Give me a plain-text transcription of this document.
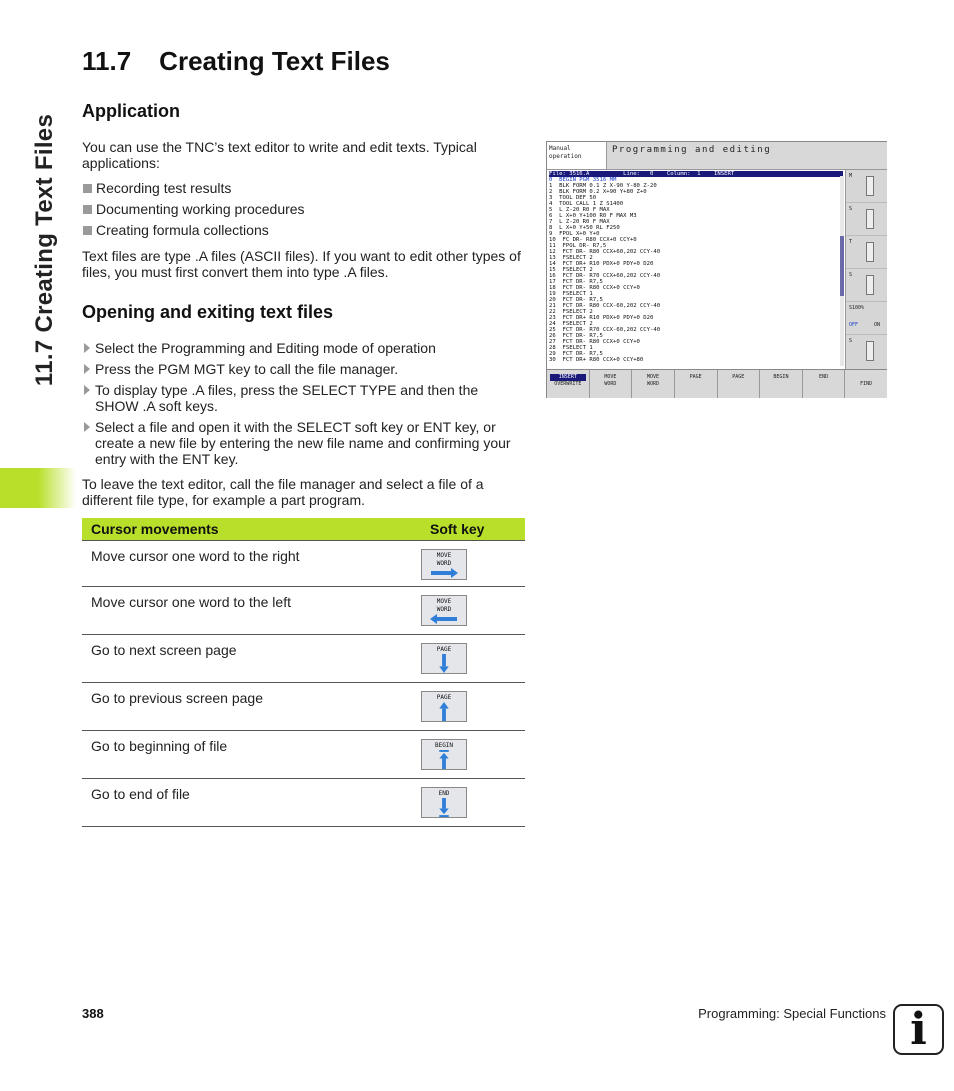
11.7 Creating Text Files
11.7 Creating Text Files
Application

You can use the TNC’s text editor to write and edit texts. Typical applications:

Recording test results
Documenting working procedures
Creating formula collections

Text files are type .A files (ASCII files). If you want to edit other types of files, you must first convert them into type .A files.

Opening and exiting text files
Select the Programming and Editing mode of operation
Press the PGM MGT key to call the file manager.
To display type .A files, press the SELECT TYPE and then the SHOW .A soft keys.
Select a file and open it with the SELECT soft key or ENT key, or create a new file by entering the new file name and confirming your entry with the ENT key.

To leave the text editor, call the file manager and select a file of a different file type, for example a part program.

Cursor movements	Soft key
Move cursor one word to the right	MOVE
WORD

Move cursor one word to the left	MOVE
WORD

Go to next screen page	PAGE

Go to previous screen page	PAGE

Go to beginning of file	BEGIN

Go to end of file	END
Manual
operation
Programming and editing
File: 3516.A          Line:   0    Column:  1    INSERT
0  BEGIN PGM 3516 MM
1  BLK FORM 0.1 Z X-90 Y-80 Z-20
2  BLK FORM 0.2 X+90 Y+80 Z+0
3  TOOL DEF 50
4  TOOL CALL 1 Z S1400
5  L Z-20 R0 F MAX
6  L X+0 Y+100 R0 F MAX M3
7  L Z-20 R0 F MAX
8  L X+0 Y+50 RL F250
9  FPOL X+0 Y+0
10  FC DR- R80 CCX+0 CCY+0
11  FPOL DR- R7,5
12  FCT DR- R80 CCX+60,202 CCY-40
13  FSELECT 2
14  FCT DR+ R10 PDX+0 PDY+0 D20
15  FSELECT 2
16  FCT DR- R70 CCX+60,202 CCY-40
17  FCT DR- R7,5
18  FCT DR- R80 CCX+0 CCY+0
19  FSELECT 1
20  FCT DR- R7,5
21  FCT DR- R80 CCX-60,202 CCY-40
22  FSELECT 2
23  FCT DR+ R10 PDX+0 PDY+0 D20
24  FSELECT 2
25  FCT DR- R70 CCX-60,202 CCY-40
26  FCT DR- R7,5
27  FCT DR- R80 CCX+0 CCY+0
28  FSELECT 1
29  FCT DR- R7,5
30  FCT DR+ R80 CCX+0 CCY+80
M
S
T
S
S100%
OFF	ON
S
INSERT
OVERWRITE
MOVE
WORD
MOVE
WORD
PAGE	PAGE	BEGIN	END
FIND
388	Programming: Special Functions i
